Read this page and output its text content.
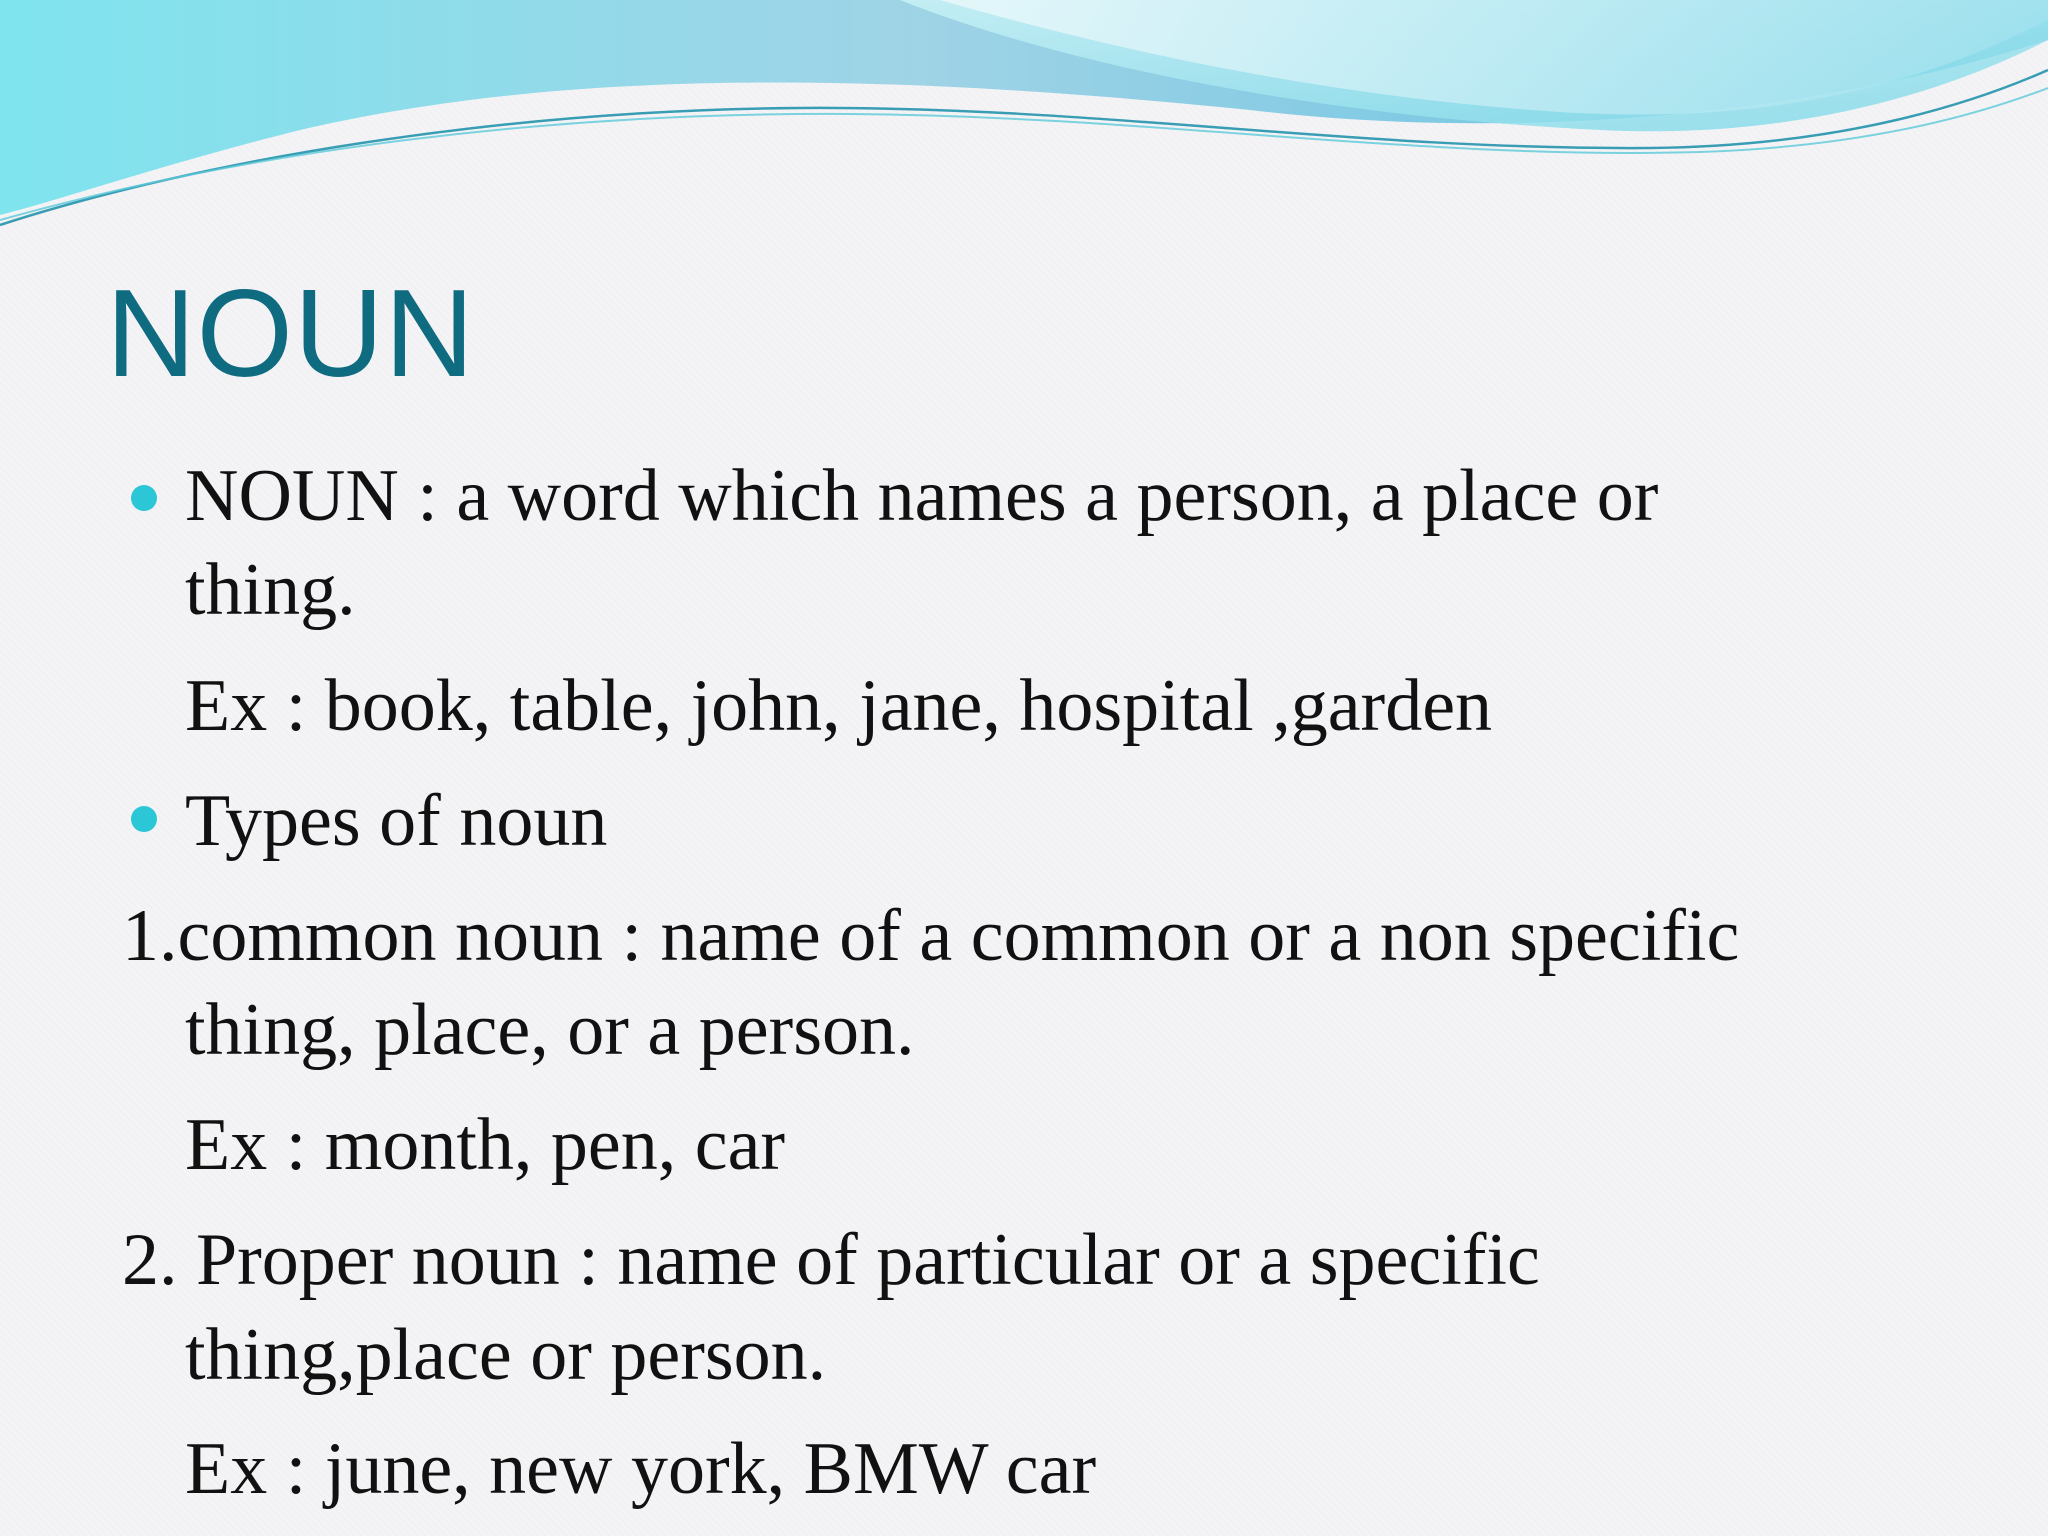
NOUN
NOUN : a word which names a person, a place or
thing.
Ex : book, table, john, jane, hospital ,garden
Types of noun
1.common noun : name of a common or a non specific
thing, place, or a person.
Ex : month, pen, car
2. Proper noun : name of particular or a specific
thing,place or person.
Ex : june, new york, BMW car
